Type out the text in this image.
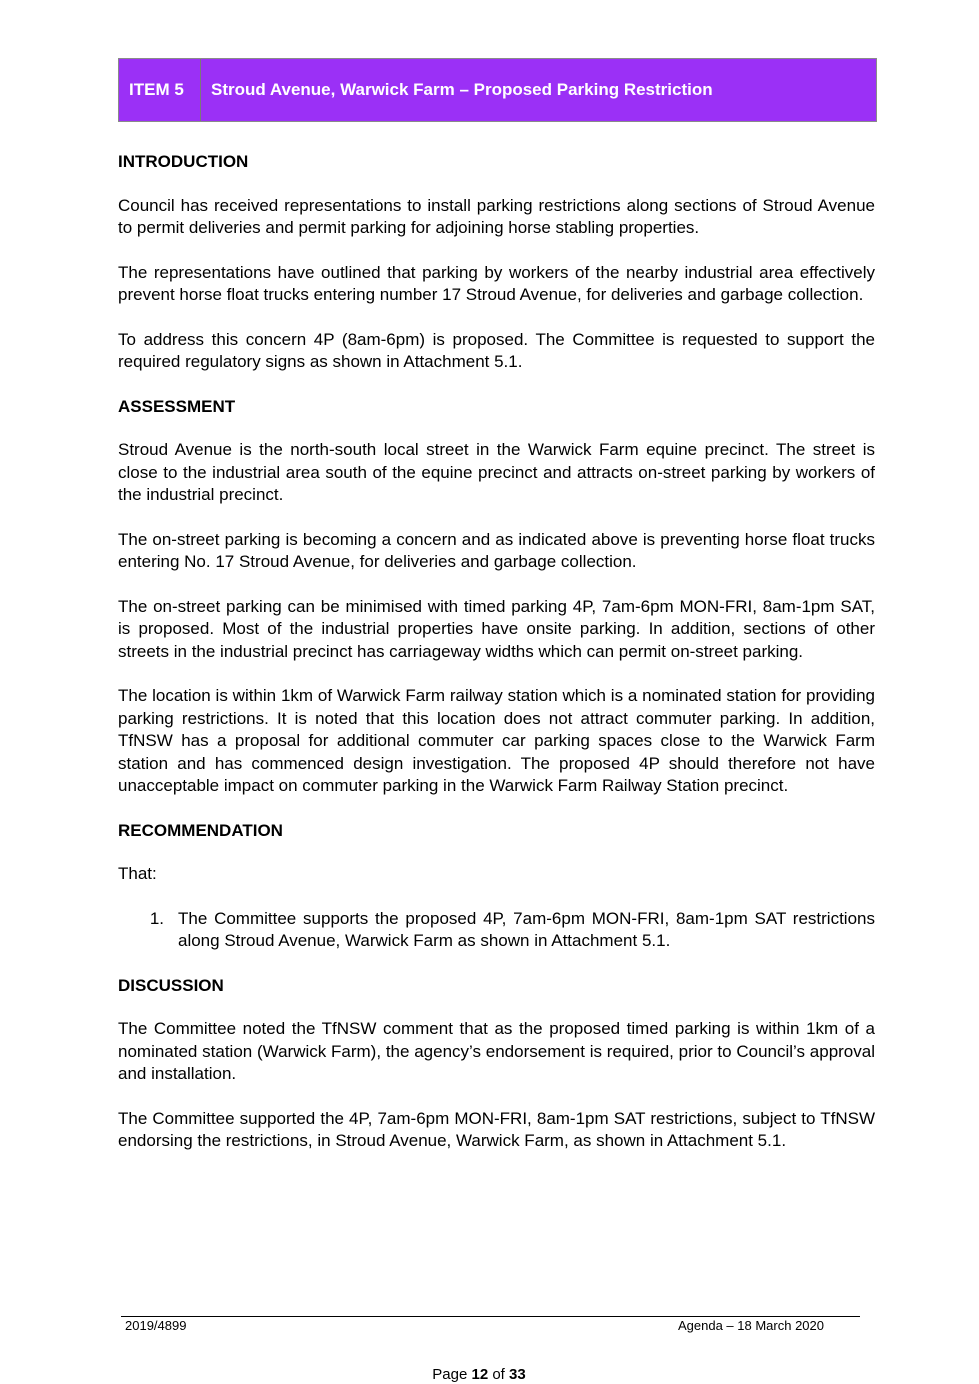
ITEM 5	Stroud Avenue, Warwick Farm – Proposed Parking Restriction
INTRODUCTION

Council has received representations to install parking restrictions along sections of Stroud Avenue to permit deliveries and permit parking for adjoining horse stabling properties.

The representations have outlined that parking by workers of the nearby industrial area effectively prevent horse float trucks entering number 17 Stroud Avenue, for deliveries and garbage collection.

To address this concern 4P (8am-6pm) is proposed. The Committee is requested to support the required regulatory signs as shown in Attachment 5.1.

ASSESSMENT

Stroud Avenue is the north-south local street in the Warwick Farm equine precinct. The street is close to the industrial area south of the equine precinct and attracts on-street parking by workers of the industrial precinct.

The on-street parking is becoming a concern and as indicated above is preventing horse float trucks entering No. 17 Stroud Avenue, for deliveries and garbage collection.

The on-street parking can be minimised with timed parking 4P, 7am-6pm MON-FRI, 8am-1pm SAT, is proposed. Most of the industrial properties have onsite parking. In addition, sections of other streets in the industrial precinct has carriageway widths which can permit on-street parking.

The location is within 1km of Warwick Farm railway station which is a nominated station for providing parking restrictions. It is noted that this location does not attract commuter parking. In addition, TfNSW has a proposal for additional commuter car parking spaces close to the Warwick Farm station and has commenced design investigation. The proposed 4P should therefore not have unacceptable impact on commuter parking in the Warwick Farm Railway Station precinct.

RECOMMENDATION

That:

1. The Committee supports the proposed 4P, 7am-6pm MON-FRI, 8am-1pm SAT restrictions along Stroud Avenue, Warwick Farm as shown in Attachment 5.1.
DISCUSSION

The Committee noted the TfNSW comment that as the proposed timed parking is within 1km of a nominated station (Warwick Farm), the agency’s endorsement is required, prior to Council’s approval and installation.

The Committee supported the 4P, 7am-6pm MON-FRI, 8am-1pm SAT restrictions, subject to TfNSW endorsing the restrictions, in Stroud Avenue, Warwick Farm, as shown in Attachment 5.1.

2019/4899	Agenda – 18 March 2020
Page 12 of 33
